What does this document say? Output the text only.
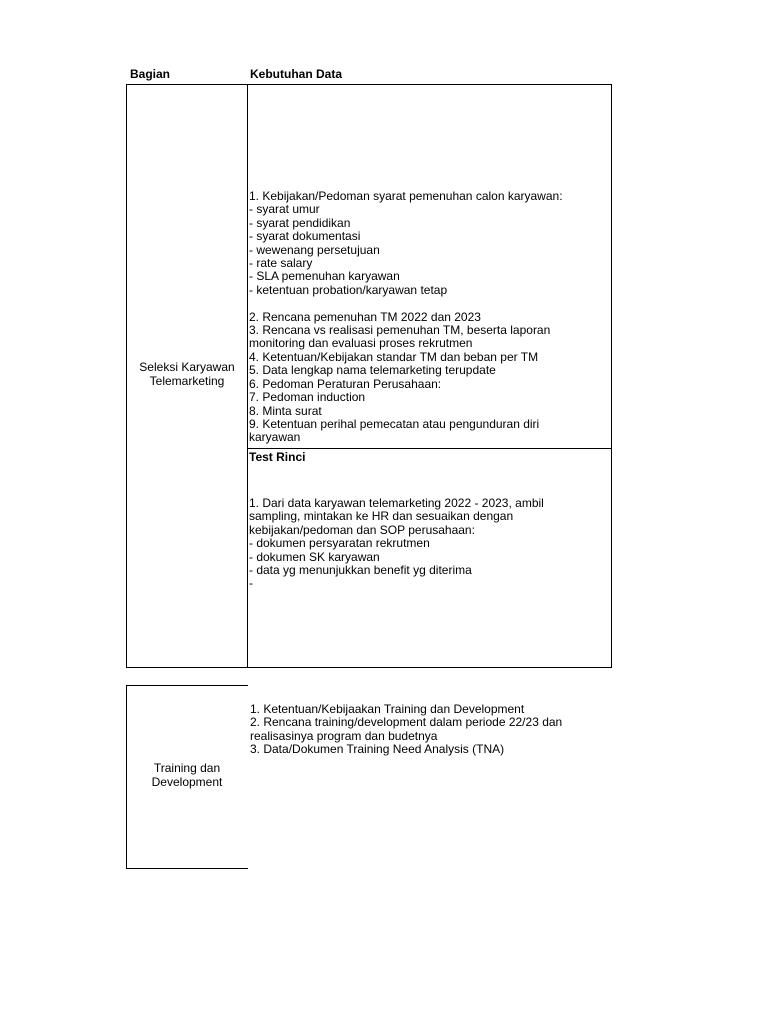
Bagian	Kebutuhan Data
Seleksi Karyawan
Telemarketing
1. Kebijakan/Pedoman syarat pemenuhan calon karyawan:
- syarat umur
- syarat pendidikan
- syarat dokumentasi
- wewenang persetujuan
- rate salary
- SLA pemenuhan karyawan
- ketentuan probation/karyawan tetap

2. Rencana pemenuhan TM 2022 dan 2023
3. Rencana vs realisasi pemenuhan TM, beserta laporan
monitoring dan evaluasi proses rekrutmen
4. Ketentuan/Kebijakan standar TM dan beban per TM
5. Data lengkap nama telemarketing terupdate
6. Pedoman Peraturan Perusahaan:
7. Pedoman induction
8. Minta surat
9. Ketentuan perihal pemecatan atau pengunduran diri
karyawan
Test Rinci
1. Dari data karyawan telemarketing 2022 - 2023, ambil
sampling, mintakan ke HR dan sesuaikan dengan
kebijakan/pedoman dan SOP perusahaan:
- dokumen persyaratan rekrutmen
- dokumen SK karyawan
- data yg menunjukkan benefit yg diterima
-
Training dan
Development
1. Ketentuan/Kebijaakan Training dan Development
2. Rencana training/development dalam periode 22/23 dan
realisasinya program dan budetnya
3. Data/Dokumen Training Need Analysis (TNA)
